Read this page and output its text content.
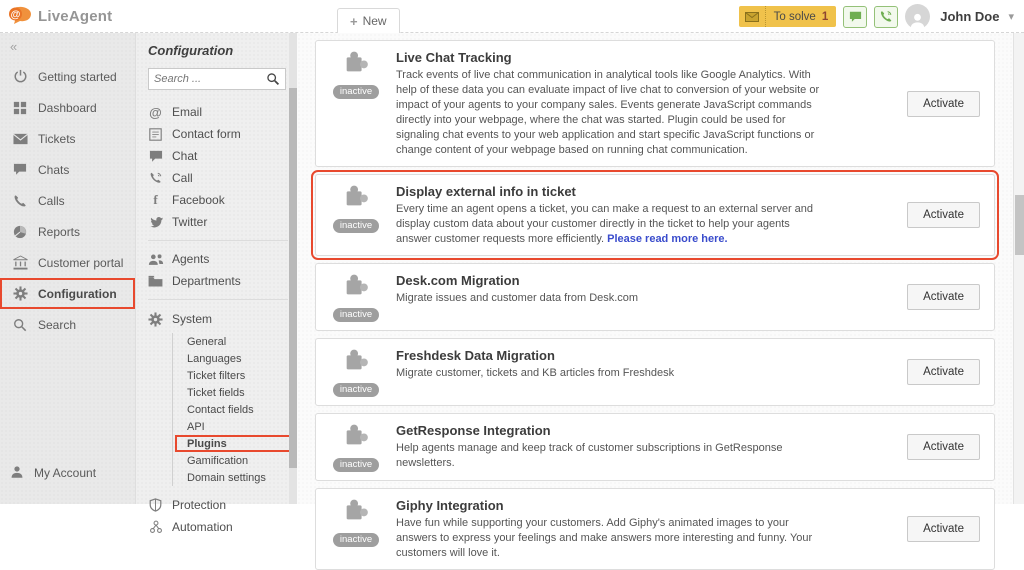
@ LiveAgent	+ New	To solve 1	John Doe ▾
«
Getting started
Dashboard
Tickets
Chats
Calls
Reports
Customer portal
Configuration
Search
My Account
Configuration
Search ...
@ Email
Contact form
Chat
Call
f Facebook
Twitter
Agents
Departments
System
General
Languages
Ticket filters
Ticket fields
Contact fields
API
Plugins
Gamification
Domain settings
Protection
Automation
inactive
Live Chat Tracking
Track events of live chat communication in analytical tools like Google Analytics. With help of these data you can evaluate impact of live chat to conversion of your website or impact of your agents to your company sales. Events generate JavaScript commands directly into your webpage, where the chat was started. Plugin could be used for signaling chat events to your web application and start specific JavaScript functions or change content of your webpage based on running chat communication.
Activate
inactive
Display external info in ticket
Every time an agent opens a ticket, you can make a request to an external server and display custom data about your customer directly in the ticket to help your agents answer customer requests more efficiently. Please read more here.
Activate
inactive
Desk.com Migration
Migrate issues and customer data from Desk.com	Activate
inactive
Freshdesk Data Migration
Migrate customer, tickets and KB articles from Freshdesk	Activate
inactive
GetResponse Integration
Help agents manage and keep track of customer subscriptions in GetResponse newsletters.
Activate
inactive
Giphy Integration
Have fun while supporting your customers. Add Giphy's animated images to your answers to express your feelings and make answers more interesting and funny. Your customers will love it.
Activate
